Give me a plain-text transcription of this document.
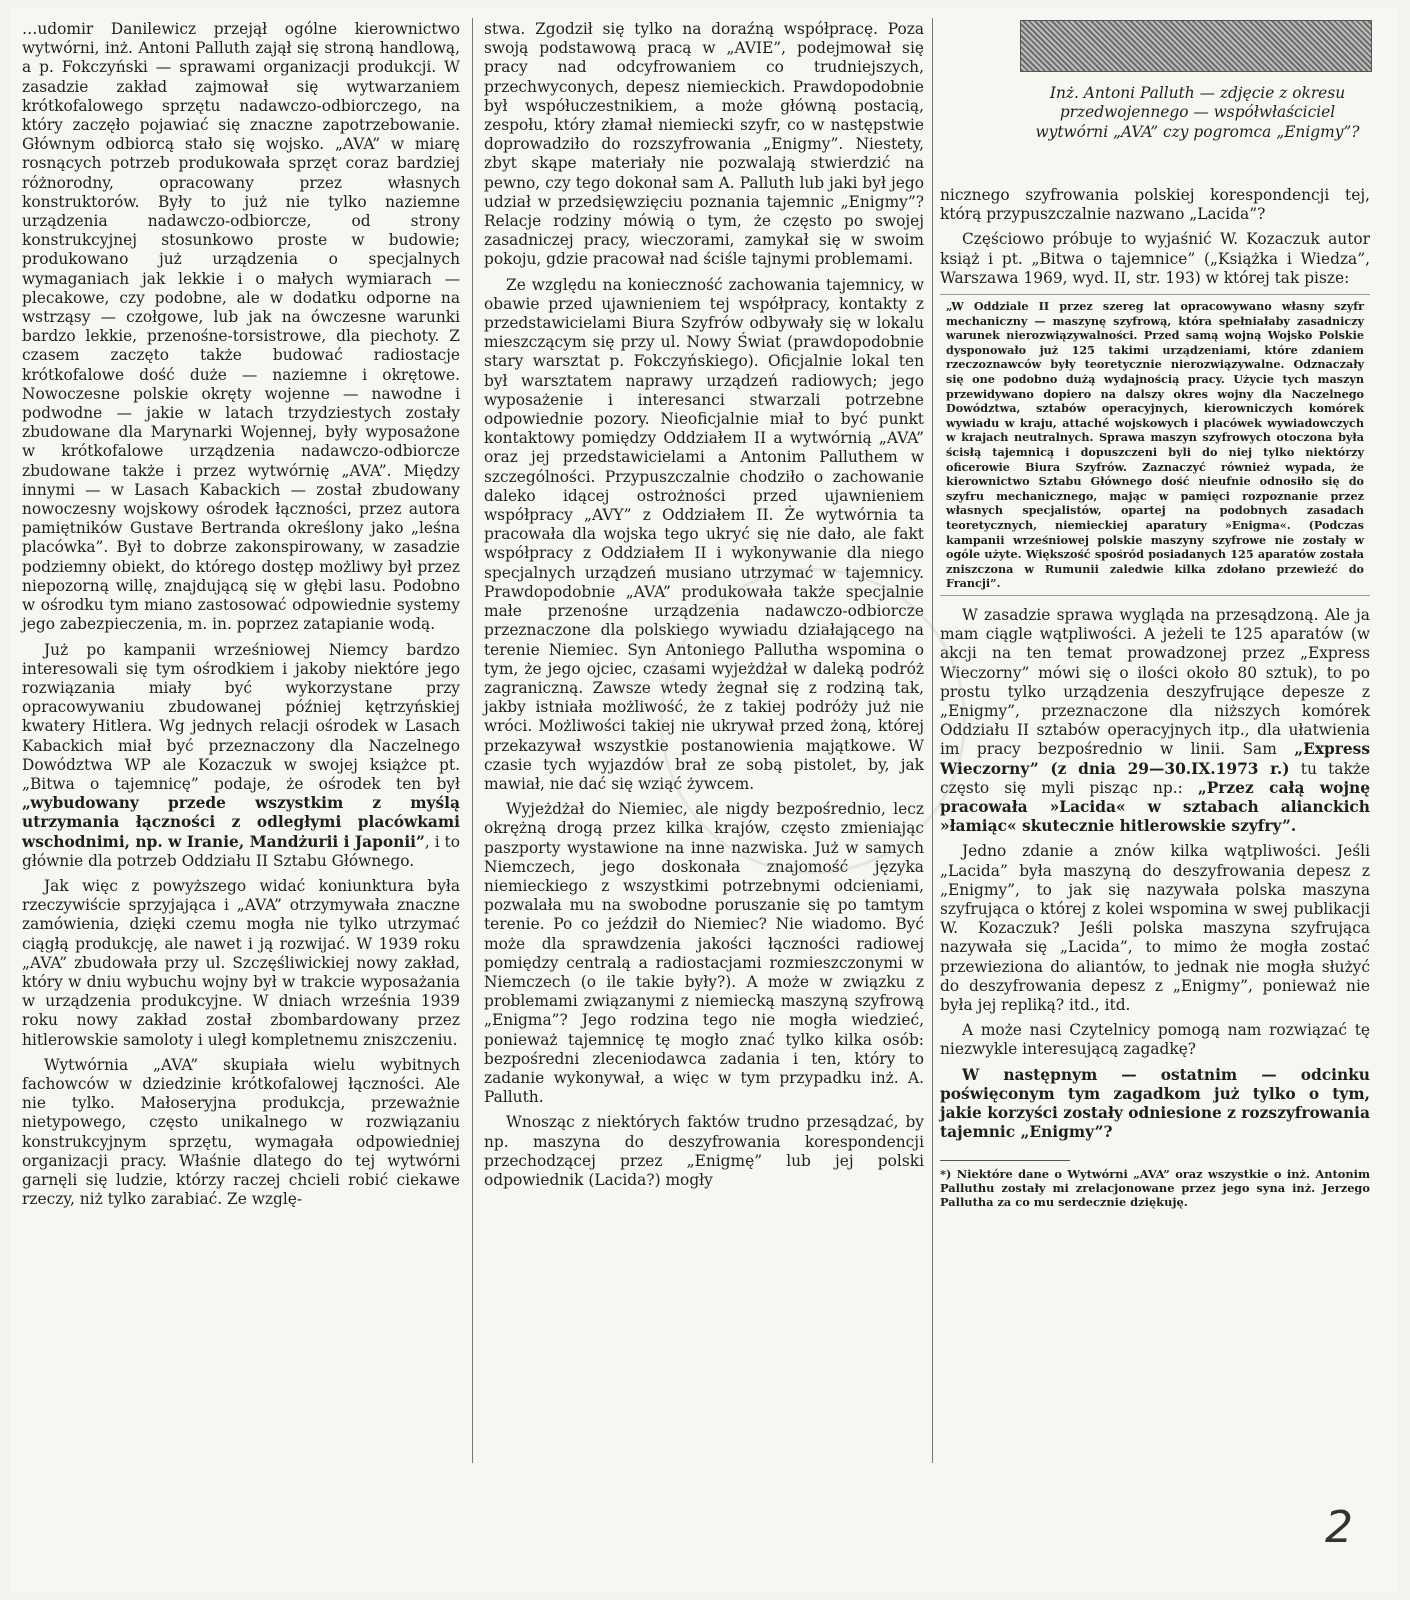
…udomir Danilewicz przejął ogólne kierownictwo wytwórni, inż. Antoni Palluth zajął się stroną handlową, a p. Fokczyński — sprawami organizacji produkcji. W zasadzie zakład zajmował się wytwarzaniem krótkofalowego sprzętu nadawczo-odbiorczego, na który zaczęło pojawiać się znaczne zapotrzebowanie. Głównym odbiorcą stało się wojsko. „AVA” w miarę rosnących potrzeb produkowała sprzęt coraz bardziej różnorodny, opracowany przez własnych konstruktorów. Były to już nie tylko naziemne urządzenia nadawczo-odbiorcze, od strony konstrukcyjnej stosunkowo proste w budowie; produkowano już urządzenia o specjalnych wymaganiach jak lekkie i o małych wymiarach — plecakowe, czy podobne, ale w dodatku odporne na wstrząsy — czołgowe, lub jak na ówczesne warunki bardzo lekkie, przenośne-torsistrowe, dla piechoty. Z czasem zaczęto także budować radiostacje krótkofalowe dość duże — naziemne i okrętowe. Nowoczesne polskie okręty wojenne — nawodne i podwodne — jakie w latach trzydziestych zostały zbudowane dla Marynarki Wojennej, były wyposażone w krótkofalowe urządzenia nadawczo-odbiorcze zbudowane także i przez wytwórnię „AVA”. Między innymi — w Lasach Kabackich — został zbudowany nowoczesny wojskowy ośrodek łączności, przez autora pamiętników Gustave Bertranda określony jako „leśna placówka”. Był to dobrze zakonspirowany, w zasadzie podziemny obiekt, do którego dostęp możliwy był przez niepozorną willę, znajdującą się w głębi lasu. Podobno w ośrodku tym miano zastosować odpowiednie systemy jego zabezpieczenia, m. in. poprzez zatapianie wodą.

Już po kampanii wrześniowej Niemcy bardzo interesowali się tym ośrodkiem i jakoby niektóre jego rozwiązania miały być wykorzystane przy opracowywaniu zbudowanej później kętrzyńskiej kwatery Hitlera. Wg jednych relacji ośrodek w Lasach Kabackich miał być przeznaczony dla Naczelnego Dowództwa WP ale Kozaczuk w swojej książce pt. „Bitwa o tajemnicę” podaje, że ośrodek ten był „wybudowany przede wszystkim z myślą utrzymania łączności z odległymi placówkami wschodnimi, np. w Iranie, Mandżurii i Japonii”, i to głównie dla potrzeb Oddziału II Sztabu Głównego.

Jak więc z powyższego widać koniunktura była rzeczywiście sprzyjająca i „AVA” otrzymywała znaczne zamówienia, dzięki czemu mogła nie tylko utrzymać ciągłą produkcję, ale nawet i ją rozwijać. W 1939 roku „AVA” zbudowała przy ul. Szczęśliwickiej nowy zakład, który w dniu wybuchu wojny był w trakcie wyposażania w urządzenia produkcyjne. W dniach września 1939 roku nowy zakład został zbombardowany przez hitlerowskie samoloty i uległ kompletnemu zniszczeniu.

Wytwórnia „AVA” skupiała wielu wybitnych fachowców w dziedzinie krótkofalowej łączności. Ale nie tylko. Małoseryjna produkcja, przeważnie nietypowego, często unikalnego w rozwiązaniu konstrukcyjnym sprzętu, wymagała odpowiedniej organizacji pracy. Właśnie dlatego do tej wytwórni garnęli się ludzie, którzy raczej chcieli robić ciekawe rzeczy, niż tylko zarabiać. Ze wzglę-

stwa. Zgodził się tylko na doraźną współpracę. Poza swoją podstawową pracą w „AVIE”, podejmował się pracy nad odcyfrowaniem co trudniejszych, przechwyconych, depesz niemieckich. Prawdopodobnie był współuczestnikiem, a może główną postacią, zespołu, który złamał niemiecki szyfr, co w następstwie doprowadziło do rozszyfrowania „Enigmy”. Niestety, zbyt skąpe materiały nie pozwalają stwierdzić na pewno, czy tego dokonał sam A. Palluth lub jaki był jego udział w przedsięwzięciu poznania tajemnic „Enigmy”? Relacje rodziny mówią o tym, że często po swojej zasadniczej pracy, wieczorami, zamykał się w swoim pokoju, gdzie pracował nad ściśle tajnymi problemami.

Ze względu na konieczność zachowania tajemnicy, w obawie przed ujawnieniem tej współpracy, kontakty z przedstawicielami Biura Szyfrów odbywały się w lokalu mieszczącym się przy ul. Nowy Świat (prawdopodobnie stary warsztat p. Fokczyńskiego). Oficjalnie lokal ten był warsztatem naprawy urządzeń radiowych; jego wyposażenie i interesanci stwarzali potrzebne odpowiednie pozory. Nieoficjalnie miał to być punkt kontaktowy pomiędzy Oddziałem II a wytwórnią „AVA” oraz jej przedstawicielami a Antonim Palluthem w szczególności. Przypuszczalnie chodziło o zachowanie daleko idącej ostrożności przed ujawnieniem współpracy „AVY” z Oddziałem II. Że wytwórnia ta pracowała dla wojska tego ukryć się nie dało, ale fakt współpracy z Oddziałem II i wykonywanie dla niego specjalnych urządzeń musiano utrzymać w tajemnicy. Prawdopodobnie „AVA” produkowała także specjalnie małe przenośne urządzenia nadawczo-odbiorcze przeznaczone dla polskiego wywiadu działającego na terenie Niemiec. Syn Antoniego Pallutha wspomina o tym, że jego ojciec, czasami wyjeżdżał w daleką podróż zagraniczną. Zawsze wtedy żegnał się z rodziną tak, jakby istniała możliwość, że z takiej podróży już nie wróci. Możliwości takiej nie ukrywał przed żoną, której przekazywał wszystkie postanowienia majątkowe. W czasie tych wyjazdów brał ze sobą pistolet, by, jak mawiał, nie dać się wziąć żywcem.

Wyjeżdżał do Niemiec, ale nigdy bezpośrednio, lecz okrężną drogą przez kilka krajów, często zmieniając paszporty wystawione na inne nazwiska. Już w samych Niemczech, jego doskonała znajomość języka niemieckiego z wszystkimi potrzebnymi odcieniami, pozwalała mu na swobodne poruszanie się po tamtym terenie. Po co jeździł do Niemiec? Nie wiadomo. Być może dla sprawdzenia jakości łączności radiowej pomiędzy centralą a radiostacjami rozmieszczonymi w Niemczech (o ile takie były?). A może w związku z problemami związanymi z niemiecką maszyną szyfrową „Enigma”? Jego rodzina tego nie mogła wiedzieć, ponieważ tajemnicę tę mogło znać tylko kilka osób: bezpośredni zleceniodawca zadania i ten, który to zadanie wykonywał, a więc w tym przypadku inż. A. Palluth.

Wnosząc z niektórych faktów trudno przesądzać, by np. maszyna do deszyfrowania korespondencji przechodzącej przez „Enigmę” lub jej polski odpowiednik (Lacida?) mogły

Inż. Antoni Palluth — zdjęcie z okresu przedwojennego — współwłaściciel wytwórni „AVA” czy pogromca „Enigmy”?

nicznego szyfrowania polskiej korespondencji tej, którą przypuszczalnie nazwano „Lacida”?

Częściowo próbuje to wyjaśnić W. Kozaczuk autor książ i pt. „Bitwa o tajemnice” („Książka i Wiedza”, Warszawa 1969, wyd. II, str. 193) w której tak pisze:

„W Oddziale II przez szereg lat opracowywano własny szyfr mechaniczny — maszynę szyfrową, która spełniałaby zasadniczy warunek nierozwiązywalności. Przed samą wojną Wojsko Polskie dysponowało już 125 takimi urządzeniami, które zdaniem rzeczoznawców były teoretycznie nierozwiązywalne. Odznaczały się one podobno dużą wydajnością pracy. Użycie tych maszyn przewidywano dopiero na dalszy okres wojny dla Naczelnego Dowództwa, sztabów operacyjnych, kierowniczych komórek wywiadu w kraju, attaché wojskowych i placówek wywiadowczych w krajach neutralnych. Sprawa maszyn szyfrowych otoczona była ścisłą tajemnicą i dopuszczeni byli do niej tylko niektórzy oficerowie Biura Szyfrów. Zaznaczyć również wypada, że kierownictwo Sztabu Głównego dość nieufnie odnosiło się do szyfru mechanicznego, mając w pamięci rozpoznanie przez własnych specjalistów, opartej na podobnych zasadach teoretycznych, niemieckiej aparatury »Enigma«. (Podczas kampanii wrześniowej polskie maszyny szyfrowe nie zostały w ogóle użyte. Większość spośród posiadanych 125 aparatów została zniszczona w Rumunii zaledwie kilka zdołano przewieźć do Francji”.

W zasadzie sprawa wygląda na przesądzoną. Ale ja mam ciągle wątpliwości. A jeżeli te 125 aparatów (w akcji na ten temat prowadzonej przez „Express Wieczorny” mówi się o ilości około 80 sztuk), to po prostu tylko urządzenia deszyfrujące depesze z „Enigmy”, przeznaczone dla niższych komórek Oddziału II sztabów operacyjnych itp., dla ułatwienia im pracy bezpośrednio w linii. Sam „Express Wieczorny” (z dnia 29—30.IX.1973 r.) tu także często się myli pisząc np.: „Przez całą wojnę pracowała »Lacida« w sztabach alianckich »łamiąc« skutecznie hitlerowskie szyfry”.

Jedno zdanie a znów kilka wątpliwości. Jeśli „Lacida” była maszyną do deszyfrowania depesz z „Enigmy”, to jak się nazywała polska maszyna szyfrująca o której z kolei wspomina w swej publikacji W. Kozaczuk? Jeśli polska maszyna szyfrująca nazywała się „Lacida”, to mimo że mogła zostać przewieziona do aliantów, to jednak nie mogła służyć do deszyfrowania depesz z „Enigmy”, ponieważ nie była jej repliką? itd., itd.

A może nasi Czytelnicy pomogą nam rozwiązać tę niezwykle interesującą zagadkę?

W następnym — ostatnim — odcinku poświęconym tym zagadkom już tylko o tym, jakie korzyści zostały odniesione z rozszyfrowania tajemnic „Enigmy”?

*) Niektóre dane o Wytwórni „AVA” oraz wszystkie o inż. Antonim Palluthu zostały mi zrelacjonowane przez jego syna inż. Jerzego Pallutha za co mu serdecznie dziękuję.
2
